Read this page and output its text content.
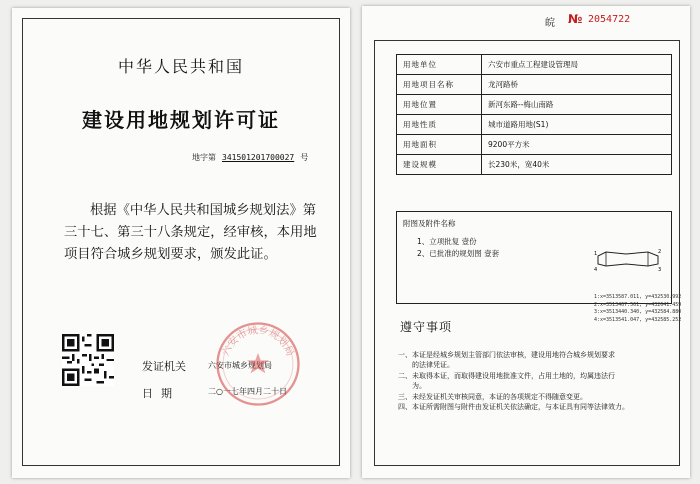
中华人民共和国
建设用地规划许可证
地字第 341501201700027 号
根据《中华人民共和国城乡规划法》第
三十七、第三十八条规定，经审核，本用地
项目符合城乡规划要求，颁发此证。
发证机关	六安市城乡规划局
日期	二○一七年四月二十日
六安市城乡规划局
皖 № 2054722
用地单位	六安市重点工程建设管理局
用地项目名称	龙河路桥
用地位置	新河东路--梅山南路
用地性质	城市道路用地(S1)
用地面积	9200平方米
建设规模	长230米，宽40米
附图及附件名称
1、立项批复 壹份
2、已批准的规划图 壹套	1	2
3
4
1:x=3513587.011, y=432530.992
2:x=3513467.561, y=432641.459
3:x=3513440.340, y=432584.880
4:x=3513541.047, y=432585.252
遵守事项
一、本证是经城乡规划主管部门依法审核，建设用地符合城乡规划要求
　　的法律凭证。
二、未取得本证，而取得建设用地批准文件，占用土地的，均属违法行
　　为。
三、未经发证机关审核同意，本证的各项规定不得随意变更。
四、本证所需附图与附件由发证机关依法确定，与本证具有同等法律效力。
